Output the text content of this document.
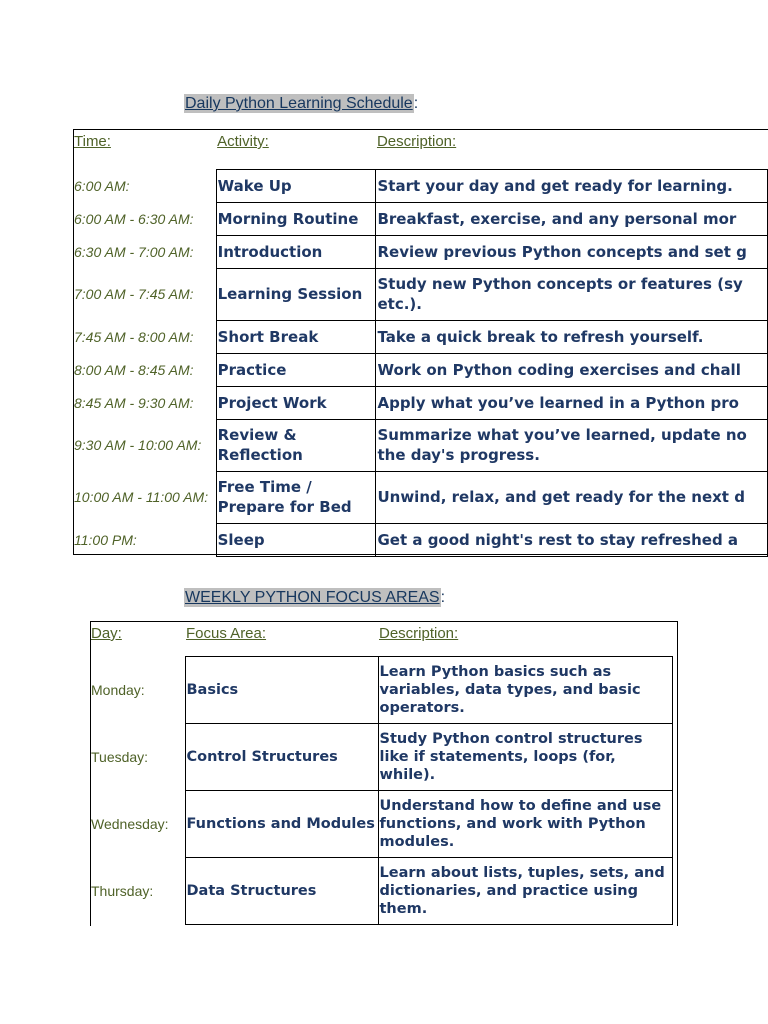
Daily Python Learning Schedule:
Time:	Activity:	Description:
6:00 AM:	Wake Up	Start your day and get ready for learning.
6:00 AM - 6:30 AM:	Morning Routine	Breakfast, exercise, and any personal mor
6:30 AM - 7:00 AM:	Introduction	Review previous Python concepts and set g
7:00 AM - 7:45 AM:	Learning Session	Study new Python concepts or features (sy
etc.).

7:45 AM - 8:00 AM:	Short Break	Take a quick break to refresh yourself.
8:00 AM - 8:45 AM:	Practice	Work on Python coding exercises and chall
8:45 AM - 9:30 AM:	Project Work	Apply what you’ve learned in a Python pro
9:30 AM - 10:00 AM:	Review & Reflection	Summarize what you’ve learned, update no
the day's progress.

10:00 AM - 11:00 AM:	Free Time / Prepare for Bed	Unwind, relax, and get ready for the next d
11:00 PM:	Sleep	Get a good night's rest to stay refreshed a
WEEKLY PYTHON FOCUS AREAS:
Day:	Focus Area:	Description:
Monday:	Basics	Learn Python basics such as variables, data types, and basic operators.
Tuesday:	Control Structures	Study Python control structures like if statements, loops (for, while).
Wednesday:	Functions and Modules	Understand how to define and use functions, and work with Python modules.
Thursday:	Data Structures	Learn about lists, tuples, sets, and dictionaries, and practice using them.
